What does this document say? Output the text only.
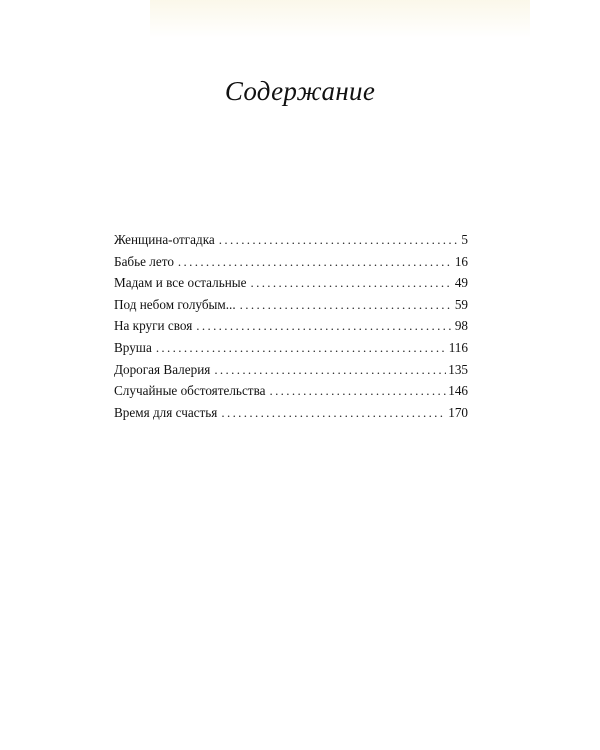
Содержание
Женщина-отгадка . . .	5
Бабье лето . . .	16
Мадам и все остальные . . .	49
Под небом голубым... . . .	59
На круги своя . . .	98
Вруша . . .	116
Дорогая Валерия . . .	135
Случайные обстоятельства . . .	146
Время для счастья . . .	170
